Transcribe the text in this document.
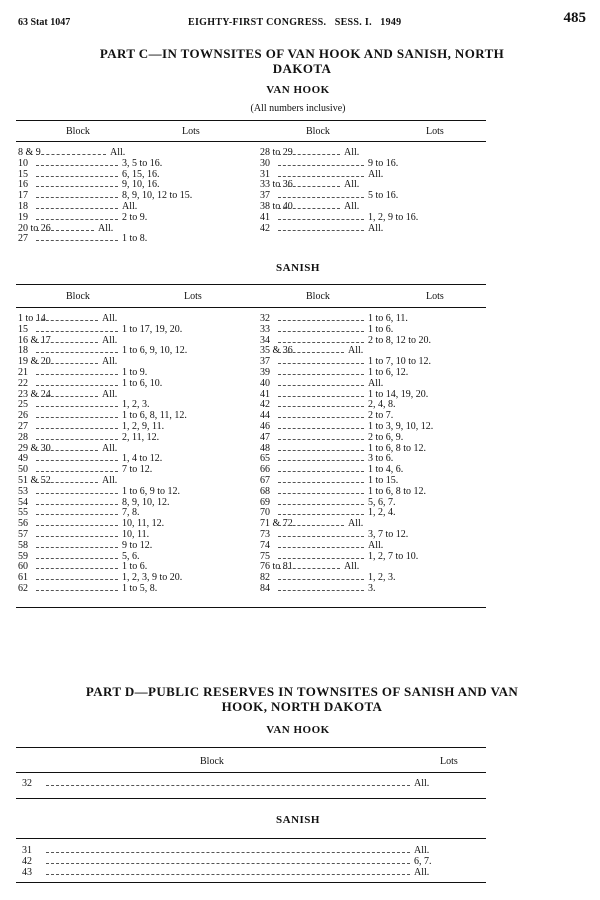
63 Stat 1047	EIGHTY-FIRST CONGRESS. SESS. I. 1949	485
PART C—IN TOWNSITES OF VAN HOOK AND SANISH, NORTH
DAKOTA
VAN HOOK
(All numbers inclusive)
Block	Lots	Block	Lots
8 & 9	All.
10	3, 5 to 16.
15	6, 15, 16.
16	9, 10, 16.
17	8, 9, 10, 12 to 15.
18	All.
19	2 to 9.
20 to 26	All.
27	1 to 8.
28 to 29	All.
30	9 to 16.
31	All.
33 to 36	All.
37	5 to 16.
38 to 40	All.
41	1, 2, 9 to 16.
42	All.
SANISH
Block	Lots	Block	Lots
1 to 14	All.
15	1 to 17, 19, 20.
16 & 17	All.
18	1 to 6, 9, 10, 12.
19 & 20	All.
21	1 to 9.
22	1 to 6, 10.
23 & 24	All.
25	1, 2, 3.
26	1 to 6, 8, 11, 12.
27	1, 2, 9, 11.
28	2, 11, 12.
29 & 30	All.
49	1, 4 to 12.
50	7 to 12.
51 & 52	All.
53	1 to 6, 9 to 12.
54	8, 9, 10, 12.
55	7, 8.
56	10, 11, 12.
57	10, 11.
58	9 to 12.
59	5, 6.
60	1 to 6.
61	1, 2, 3, 9 to 20.
62	1 to 5, 8.
32	1 to 6, 11.
33	1 to 6.
34	2 to 8, 12 to 20.
35 & 36	All.
37	1 to 7, 10 to 12.
39	1 to 6, 12.
40	All.
41	1 to 14, 19, 20.
42	2, 4, 8.
44	2 to 7.
46	1 to 3, 9, 10, 12.
47	2 to 6, 9.
48	1 to 6, 8 to 12.
65	3 to 6.
66	1 to 4, 6.
67	1 to 15.
68	1 to 6, 8 to 12.
69	5, 6, 7.
70	1, 2, 4.
71 & 72	All.
73	3, 7 to 12.
74	All.
75	1, 2, 7 to 10.
76 to 81	All.
82	1, 2, 3.
84	3.
PART D—PUBLIC RESERVES IN TOWNSITES OF SANISH AND VAN
HOOK, NORTH DAKOTA
VAN HOOK
Block	Lots
32	All.
SANISH
31	All.
42	6, 7.
43	All.
